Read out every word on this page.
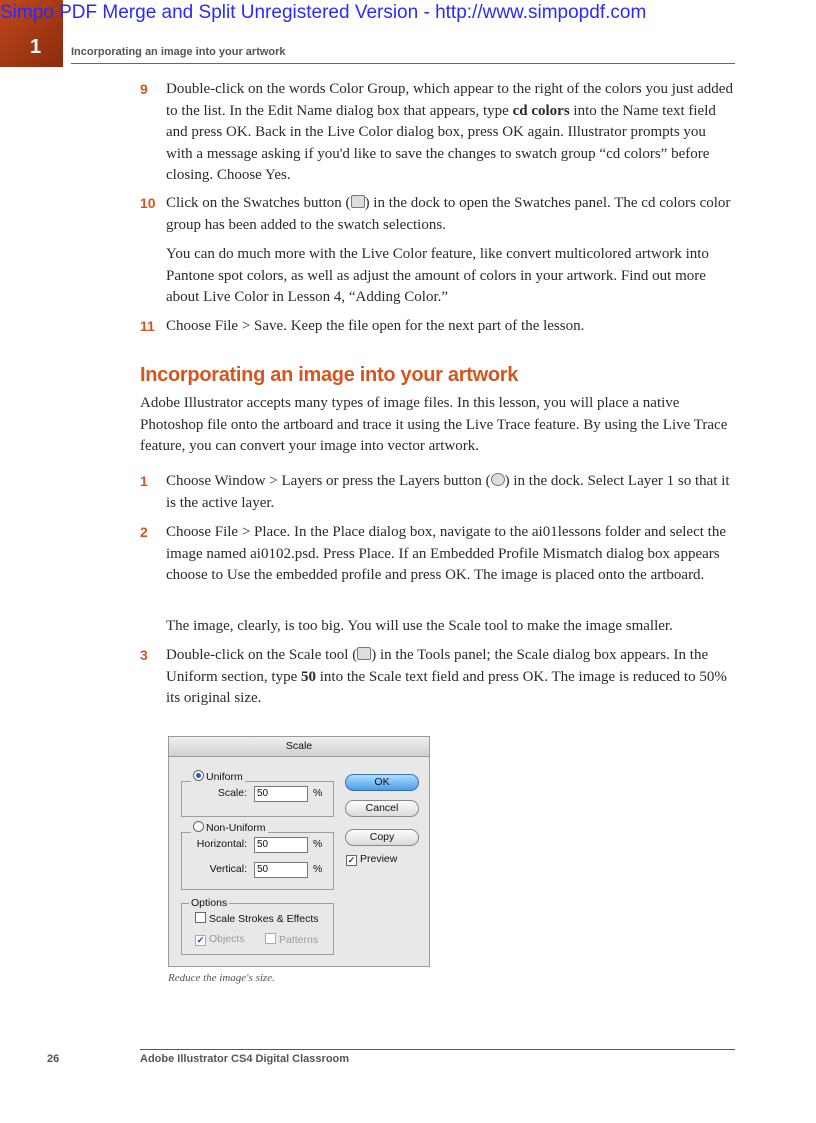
Simpo PDF Merge and Split Unregistered Version - http://www.simpopdf.com
1	Incorporating an image into your artwork
9 Double-click on the words Color Group, which appear to the right of the colors you just added to the list. In the Edit Name dialog box that appears, type cd colors into the Name text field and press OK. Back in the Live Color dialog box, press OK again. Illustrator prompts you with a message asking if you'd like to save the changes to swatch group “cd colors” before closing. Choose Yes.
10 Click on the Swatches button ( ) in the dock to open the Swatches panel. The cd colors color group has been added to the swatch selections.
You can do much more with the Live Color feature, like convert multicolored artwork into Pantone spot colors, as well as adjust the amount of colors in your artwork. Find out more about Live Color in Lesson 4, “Adding Color.”
11 Choose File > Save. Keep the file open for the next part of the lesson.
Incorporating an image into your artwork
Adobe Illustrator accepts many types of image files. In this lesson, you will place a native Photoshop file onto the artboard and trace it using the Live Trace feature. By using the Live Trace feature, you can convert your image into vector artwork.
1 Choose Window > Layers or press the Layers button ( ) in the dock. Select Layer 1 so that it is the active layer.
2 Choose File > Place. In the Place dialog box, navigate to the ai01lessons folder and select the image named ai0102.psd. Press Place. If an Embedded Profile Mismatch dialog box appears choose to Use the embedded profile and press OK. The image is placed onto the artboard.
The image, clearly, is too big. You will use the Scale tool to make the image smaller.
3 Double-click on the Scale tool ( ) in the Tools panel; the Scale dialog box appears. In the Uniform section, type 50 into the Scale text field and press OK. The image is reduced to 50% its original size.
Scale
Uniform
Scale:	50	%
Non-Uniform
Horizontal:	50	%
Vertical:	50	%
Options
Scale Strokes & Effects
✓ Objects	Patterns
OK
Cancel
Copy
✓ Preview
Reduce the image's size.
26	Adobe Illustrator CS4 Digital Classroom
